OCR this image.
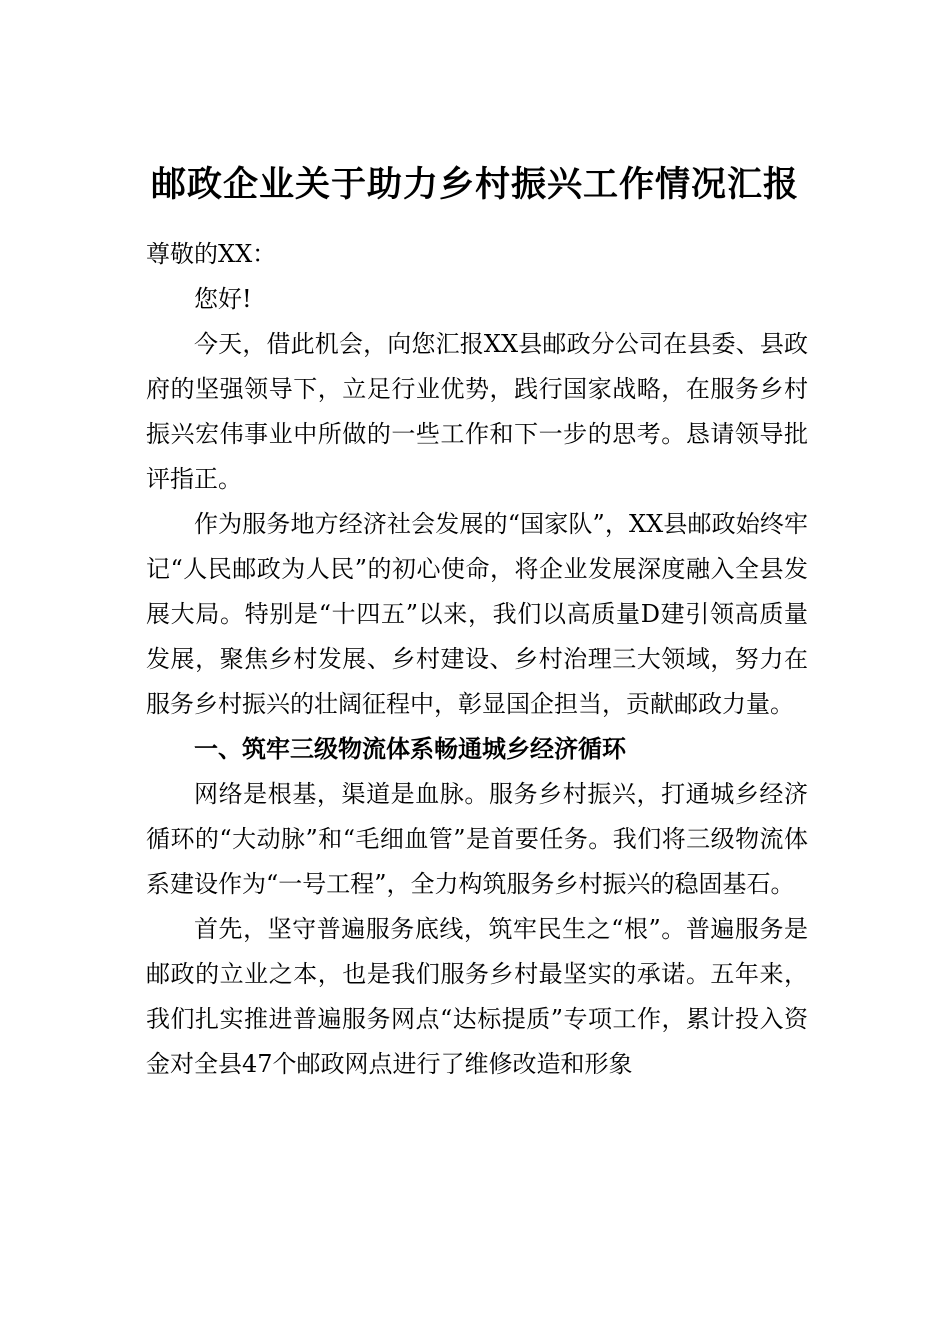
邮政企业关于助力乡村振兴工作情况汇报

尊敬的XX：

您好!

今天，借此机会，向您汇报XX县邮政分公司在县委、县政府的坚强领导下，立足行业优势，践行国家战略，在服务乡村振兴宏伟事业中所做的一些工作和下一步的思考。恳请领导批评指正。

作为服务地方经济社会发展的“国家队”，XX县邮政始终牢记“人民邮政为人民”的初心使命，将企业发展深度融入全县发展大局。特别是“十四五”以来，我们以高质量D建引领高质量发展，聚焦乡村发展、乡村建设、乡村治理三大领域，努力在服务乡村振兴的壮阔征程中，彰显国企担当，贡献邮政力量。

一、筑牢三级物流体系畅通城乡经济循环

网络是根基，渠道是血脉。服务乡村振兴，打通城乡经济循环的“大动脉”和“毛细血管”是首要任务。我们将三级物流体系建设作为“一号工程”，全力构筑服务乡村振兴的稳固基石。

首先，坚守普遍服务底线，筑牢民生之“根”。普遍服务是邮政的立业之本，也是我们服务乡村最坚实的承诺。五年来，我们扎实推进普遍服务网点“达标提质”专项工作，累计投入资金对全县47个邮政网点进行了维修改造和形象
